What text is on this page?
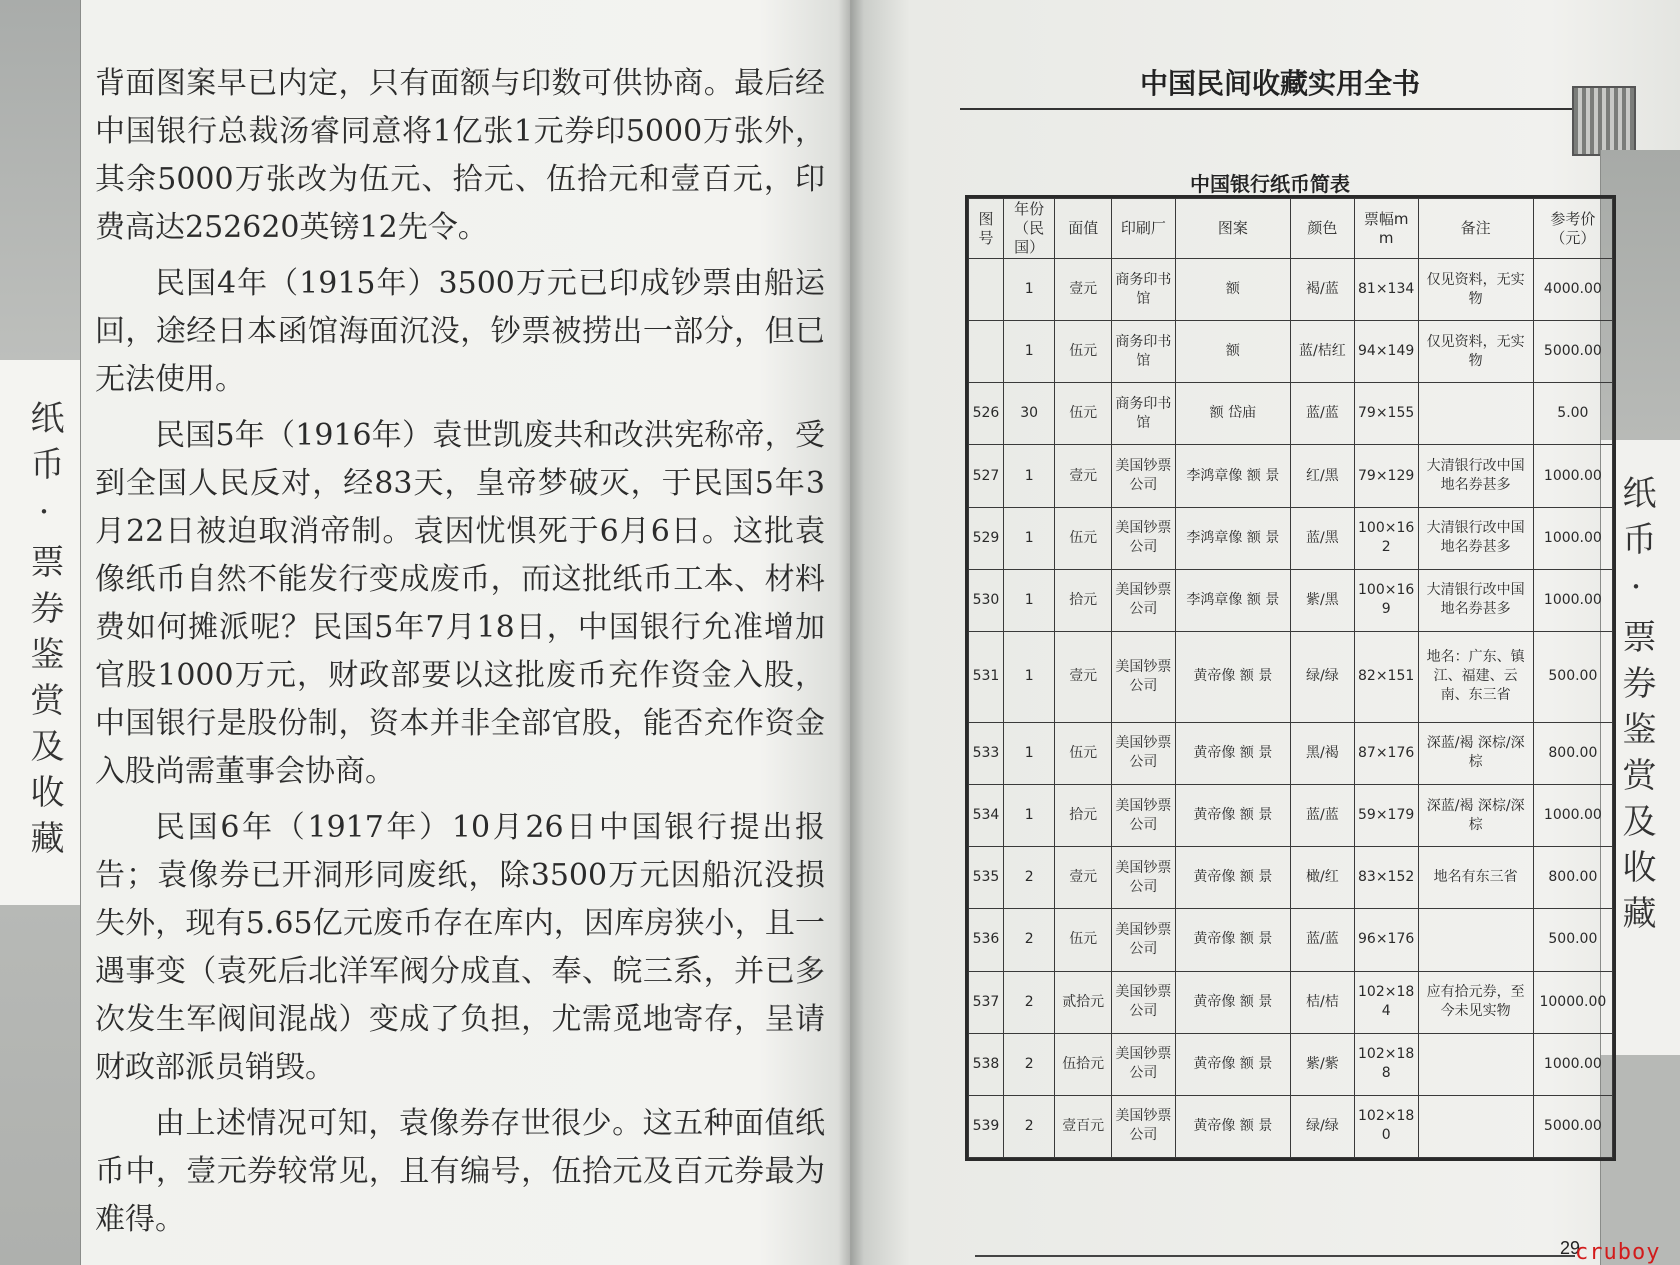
纸币·票券鉴赏及收藏

背面图案早已内定，只有面额与印数可供协商。最后经中国银行总裁汤睿同意将1亿张1元券印5000万张外，其余5000万张改为伍元、拾元、伍拾元和壹百元，印费高达252620英镑12先令。

民国4年（1915年）3500万元已印成钞票由船运回，途经日本函馆海面沉没，钞票被捞出一部分，但已无法使用。

民国5年（1916年）袁世凯废共和改洪宪称帝，受到全国人民反对，经83天，皇帝梦破灭，于民国5年3月22日被迫取消帝制。袁因忧惧死于6月6日。这批袁像纸币自然不能发行变成废币，而这批纸币工本、材料费如何摊派呢？民国5年7月18日，中国银行允准增加官股1000万元，财政部要以这批废币充作资金入股，中国银行是股份制，资本并非全部官股，能否充作资金入股尚需董事会协商。

民国6年（1917年）10月26日中国银行提出报告；袁像券已开洞形同废纸，除3500万元因船沉没损失外，现有5.65亿元废币存在库内，因库房狭小，且一遇事变（袁死后北洋军阀分成直、奉、皖三系，并已多次发生军阀间混战）变成了负担，尤需觅地寄存，呈请财政部派员销毁。

由上述情况可知，袁像券存世很少。这五种面值纸币中，壹元券较常见，且有编号，伍拾元及百元券最为难得。

中国民间收藏实用全书
纸币·票券鉴赏及收藏
中国银行纸币简表
图号	年份（民国）	面值	印刷厂	图案	颜色	票幅mm	备注	参考价（元）
	1	壹元	商务印书馆	额	褐/蓝	81×134	仅见资料，无实物	4000.00
	1	伍元	商务印书馆	额	蓝/桔红	94×149	仅见资料，无实物	5000.00
526	30	伍元	商务印书馆	额 岱庙	蓝/蓝	79×155		5.00
527	1	壹元	美国钞票公司	李鸿章像 额 景	红/黑	79×129	大清银行改中国地名券甚多	1000.00
529	1	伍元	美国钞票公司	李鸿章像 额 景	蓝/黑	100×162	大清银行改中国地名券甚多	1000.00
530	1	拾元	美国钞票公司	李鸿章像 额 景	紫/黑	100×169	大清银行改中国地名券甚多	1000.00
531	1	壹元	美国钞票公司	黄帝像 额 景	绿/绿	82×151	地名：广东、镇江、福建、云南、东三省	500.00
533	1	伍元	美国钞票公司	黄帝像 额 景	黑/褐	87×176	深蓝/褐 深棕/深棕	800.00
534	1	拾元	美国钞票公司	黄帝像 额 景	蓝/蓝	59×179	深蓝/褐 深棕/深棕	1000.00
535	2	壹元	美国钞票公司	黄帝像 额 景	橄/红	83×152	地名有东三省	800.00
536	2	伍元	美国钞票公司	黄帝像 额 景	蓝/蓝	96×176		500.00
537	2	贰拾元	美国钞票公司	黄帝像 额 景	桔/桔	102×184	应有拾元券，至今未见实物	10000.00
538	2	伍拾元	美国钞票公司	黄帝像 额 景	紫/紫	102×188		1000.00
539	2	壹百元	美国钞票公司	黄帝像 额 景	绿/绿	102×180		5000.00
29
cruboy
